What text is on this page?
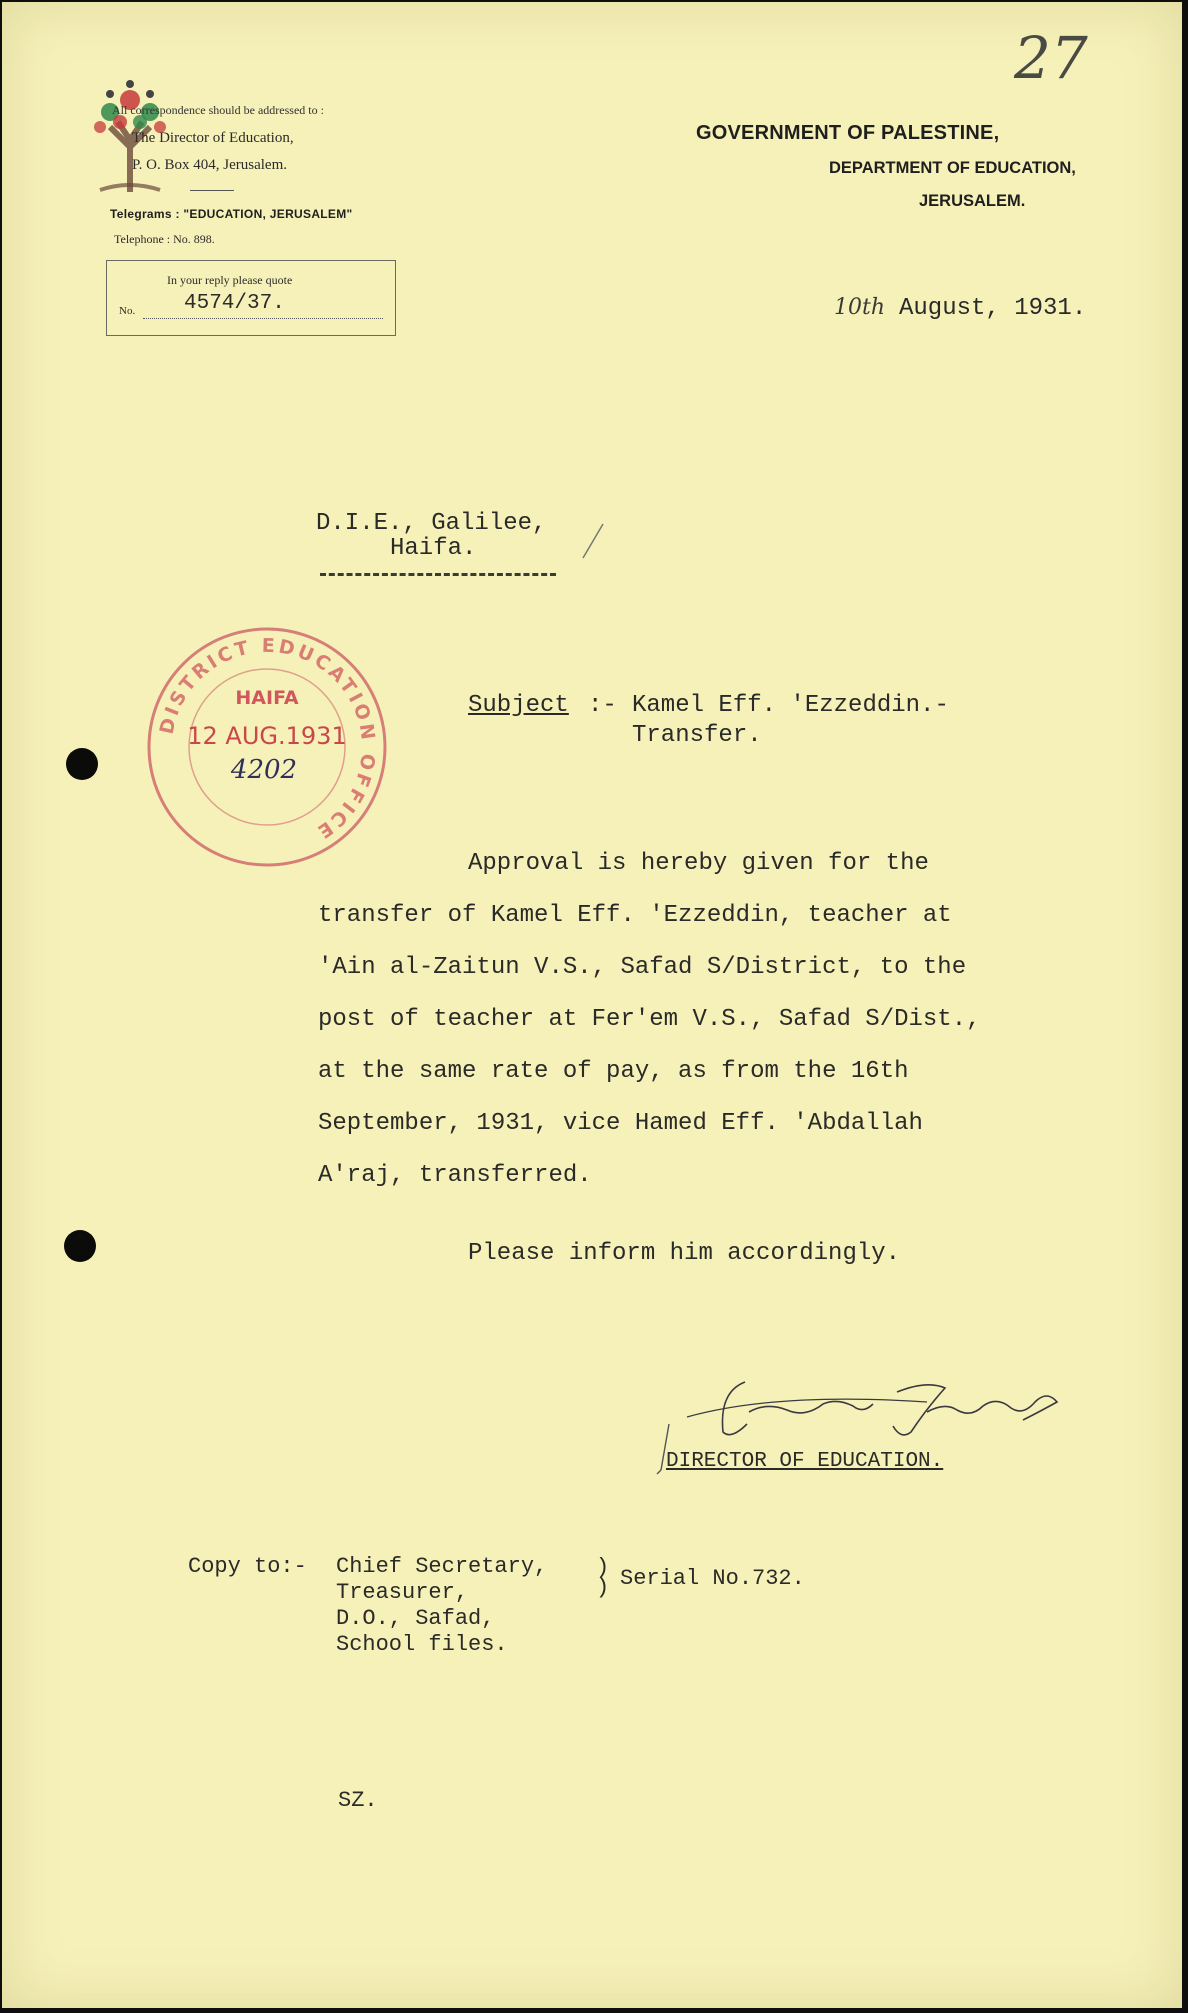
27
All correspondence should be addressed to :
The Director of Education,
P. O. Box 404, Jerusalem.
Telegrams : "EDUCATION, JERUSALEM"
Telephone : No. 898.
In your reply please quote
No. 4574/37.
GOVERNMENT OF PALESTINE,
DEPARTMENT OF EDUCATION,
JERUSALEM.
10th August, 1931.
D.I.E., Galilee,
Haifa.
DISTRICT EDUCATION OFFICE
HAIFA
12 AUG.1931
4202
Subject :- Kamel Eff. 'Ezzeddin.-
Transfer.
Approval is hereby given for the
transfer of Kamel Eff. 'Ezzeddin, teacher at
'Ain al-Zaitun V.S., Safad S/District, to the
post of teacher at Fer'em V.S., Safad S/Dist.,
at the same rate of pay, as from the 16th
September, 1931, vice Hamed Eff. 'Abdallah
A'raj, transferred.
Please inform him accordingly.
DIRECTOR OF EDUCATION.
Copy to:- Chief Secretary,
Treasurer,
D.O., Safad,
School files.
)
) Serial No.732.
SZ.
